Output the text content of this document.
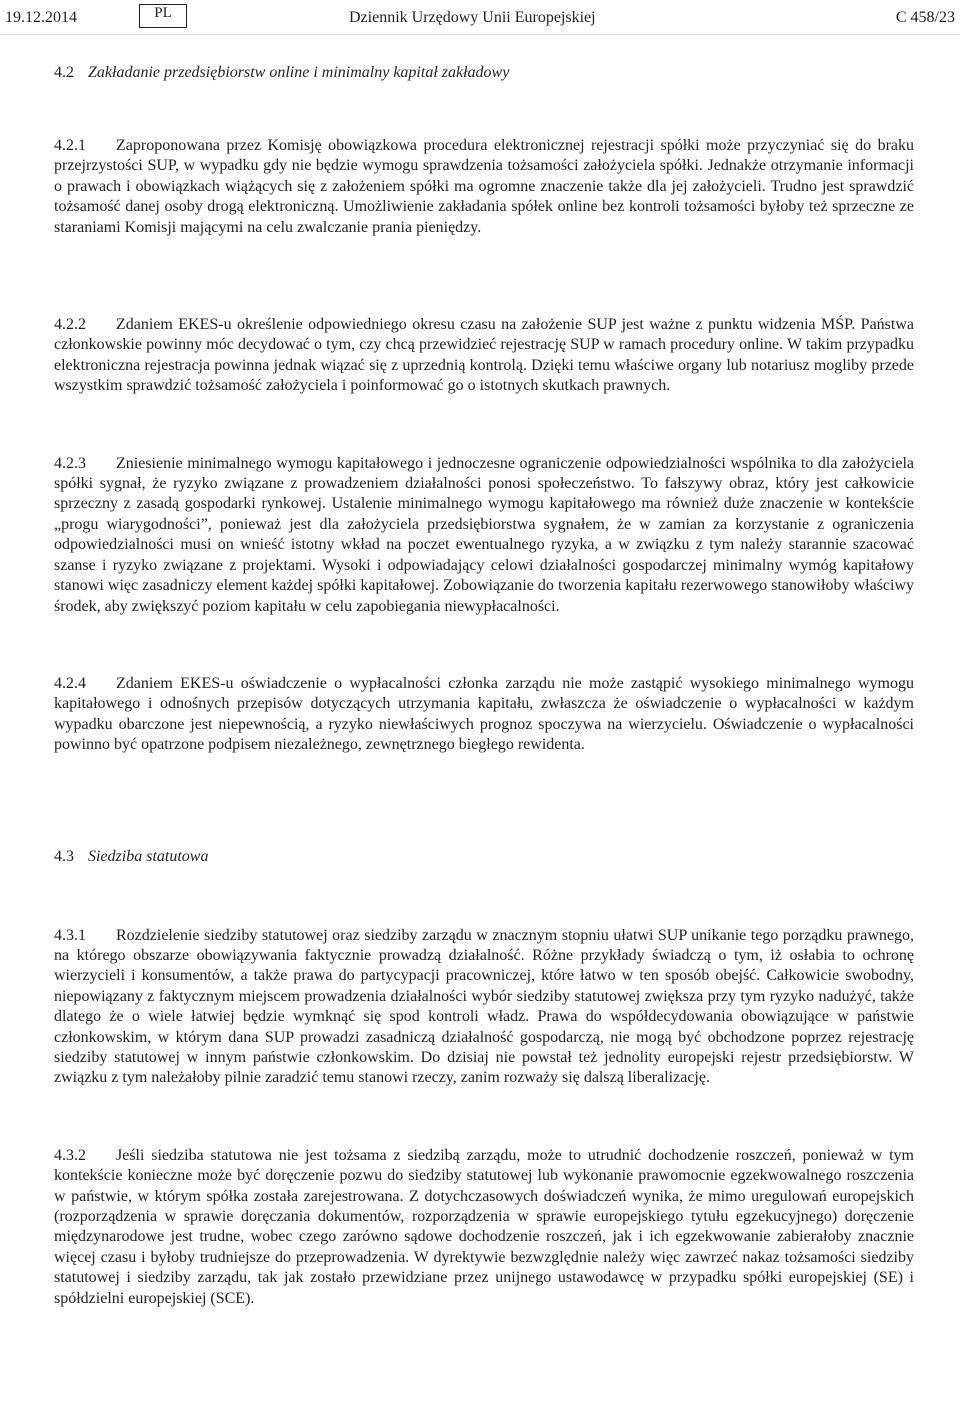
19.12.2014	PL	Dziennik Urzędowy Unii Europejskiej	C 458/23
4.2 Zakładanie przedsiębiorstw online i minimalny kapitał zakładowy

4.2.1 Zaproponowana przez Komisję obowiązkowa procedura elektronicznej rejestracji spółki może przyczyniać się do braku przejrzystości SUP, w wypadku gdy nie będzie wymogu sprawdzenia tożsamości założyciela spółki. Jednakże otrzymanie informacji o prawach i obowiązkach wiążących się z założeniem spółki ma ogromne znaczenie także dla jej założycieli. Trudno jest sprawdzić tożsamość danej osoby drogą elektroniczną. Umożliwienie zakładania spółek online bez kontroli tożsamości byłoby też sprzeczne ze staraniami Komisji mającymi na celu zwalczanie prania pieniędzy.

4.2.2 Zdaniem EKES-u określenie odpowiedniego okresu czasu na założenie SUP jest ważne z punktu widzenia MŚP. Państwa członkowskie powinny móc decydować o tym, czy chcą przewidzieć rejestrację SUP w ramach procedury online. W takim przypadku elektroniczna rejestracja powinna jednak wiązać się z uprzednią kontrolą. Dzięki temu właściwe organy lub notariusz mogliby przede wszystkim sprawdzić tożsamość założyciela i poinformować go o istotnych skutkach prawnych.

4.2.3 Zniesienie minimalnego wymogu kapitałowego i jednoczesne ograniczenie odpowiedzialności wspólnika to dla założyciela spółki sygnał, że ryzyko związane z prowadzeniem działalności ponosi społeczeństwo. To fałszywy obraz, który jest całkowicie sprzeczny z zasadą gospodarki rynkowej. Ustalenie minimalnego wymogu kapitałowego ma również duże znaczenie w kontekście „progu wiarygodności”, ponieważ jest dla założyciela przedsiębiorstwa sygnałem, że w zamian za korzystanie z ograniczenia odpowiedzialności musi on wnieść istotny wkład na poczet ewentualnego ryzyka, a w związku z tym należy starannie szacować szanse i ryzyko związane z projektami. Wysoki i odpowiadający celowi działalności gospodarczej minimalny wymóg kapitałowy stanowi więc zasadniczy element każdej spółki kapitałowej. Zobowiązanie do tworzenia kapitału rezerwowego stanowiłoby właściwy środek, aby zwiększyć poziom kapitału w celu zapobiegania niewypłacalności.

4.2.4 Zdaniem EKES-u oświadczenie o wypłacalności członka zarządu nie może zastąpić wysokiego minimalnego wymogu kapitałowego i odnośnych przepisów dotyczących utrzymania kapitału, zwłaszcza że oświadczenie o wypłacalności w każdym wypadku obarczone jest niepewnością, a ryzyko niewłaściwych prognoz spoczywa na wierzycielu. Oświadczenie o wypłacalności powinno być opatrzone podpisem niezależnego, zewnętrznego biegłego rewidenta.

4.3 Siedziba statutowa

4.3.1 Rozdzielenie siedziby statutowej oraz siedziby zarządu w znacznym stopniu ułatwi SUP unikanie tego porządku prawnego, na którego obszarze obowiązywania faktycznie prowadzą działalność. Różne przykłady świadczą o tym, iż osłabia to ochronę wierzycieli i konsumentów, a także prawa do partycypacji pracowniczej, które łatwo w ten sposób obejść. Całkowicie swobodny, niepowiązany z faktycznym miejscem prowadzenia działalności wybór siedziby statutowej zwiększa przy tym ryzyko nadużyć, także dlatego że o wiele łatwiej będzie wymknąć się spod kontroli władz. Prawa do współdecydowania obowiązujące w państwie członkowskim, w którym dana SUP prowadzi zasadniczą działalność gospodarczą, nie mogą być obchodzone poprzez rejestrację siedziby statutowej w innym państwie członkowskim. Do dzisiaj nie powstał też jednolity europejski rejestr przedsiębiorstw. W związku z tym należałoby pilnie zaradzić temu stanowi rzeczy, zanim rozważy się dalszą liberalizację.

4.3.2 Jeśli siedziba statutowa nie jest tożsama z siedzibą zarządu, może to utrudnić dochodzenie roszczeń, ponieważ w tym kontekście konieczne może być doręczenie pozwu do siedziby statutowej lub wykonanie prawomocnie egzekwowalnego roszczenia w państwie, w którym spółka została zarejestrowana. Z dotychczasowych doświadczeń wynika, że mimo uregulowań europejskich (rozporządzenia w sprawie doręczania dokumentów, rozporządzenia w sprawie europejskiego tytułu egzekucyjnego) doręczenie międzynarodowe jest trudne, wobec czego zarówno sądowe dochodzenie roszczeń, jak i ich egzekwowanie zabierałoby znacznie więcej czasu i byłoby trudniejsze do przeprowadzenia. W dyrektywie bezwzględnie należy więc zawrzeć nakaz tożsamości siedziby statutowej i siedziby zarządu, tak jak zostało przewidziane przez unijnego ustawodawcę w przypadku spółki europejskiej (SE) i spółdzielni europejskiej (SCE).
